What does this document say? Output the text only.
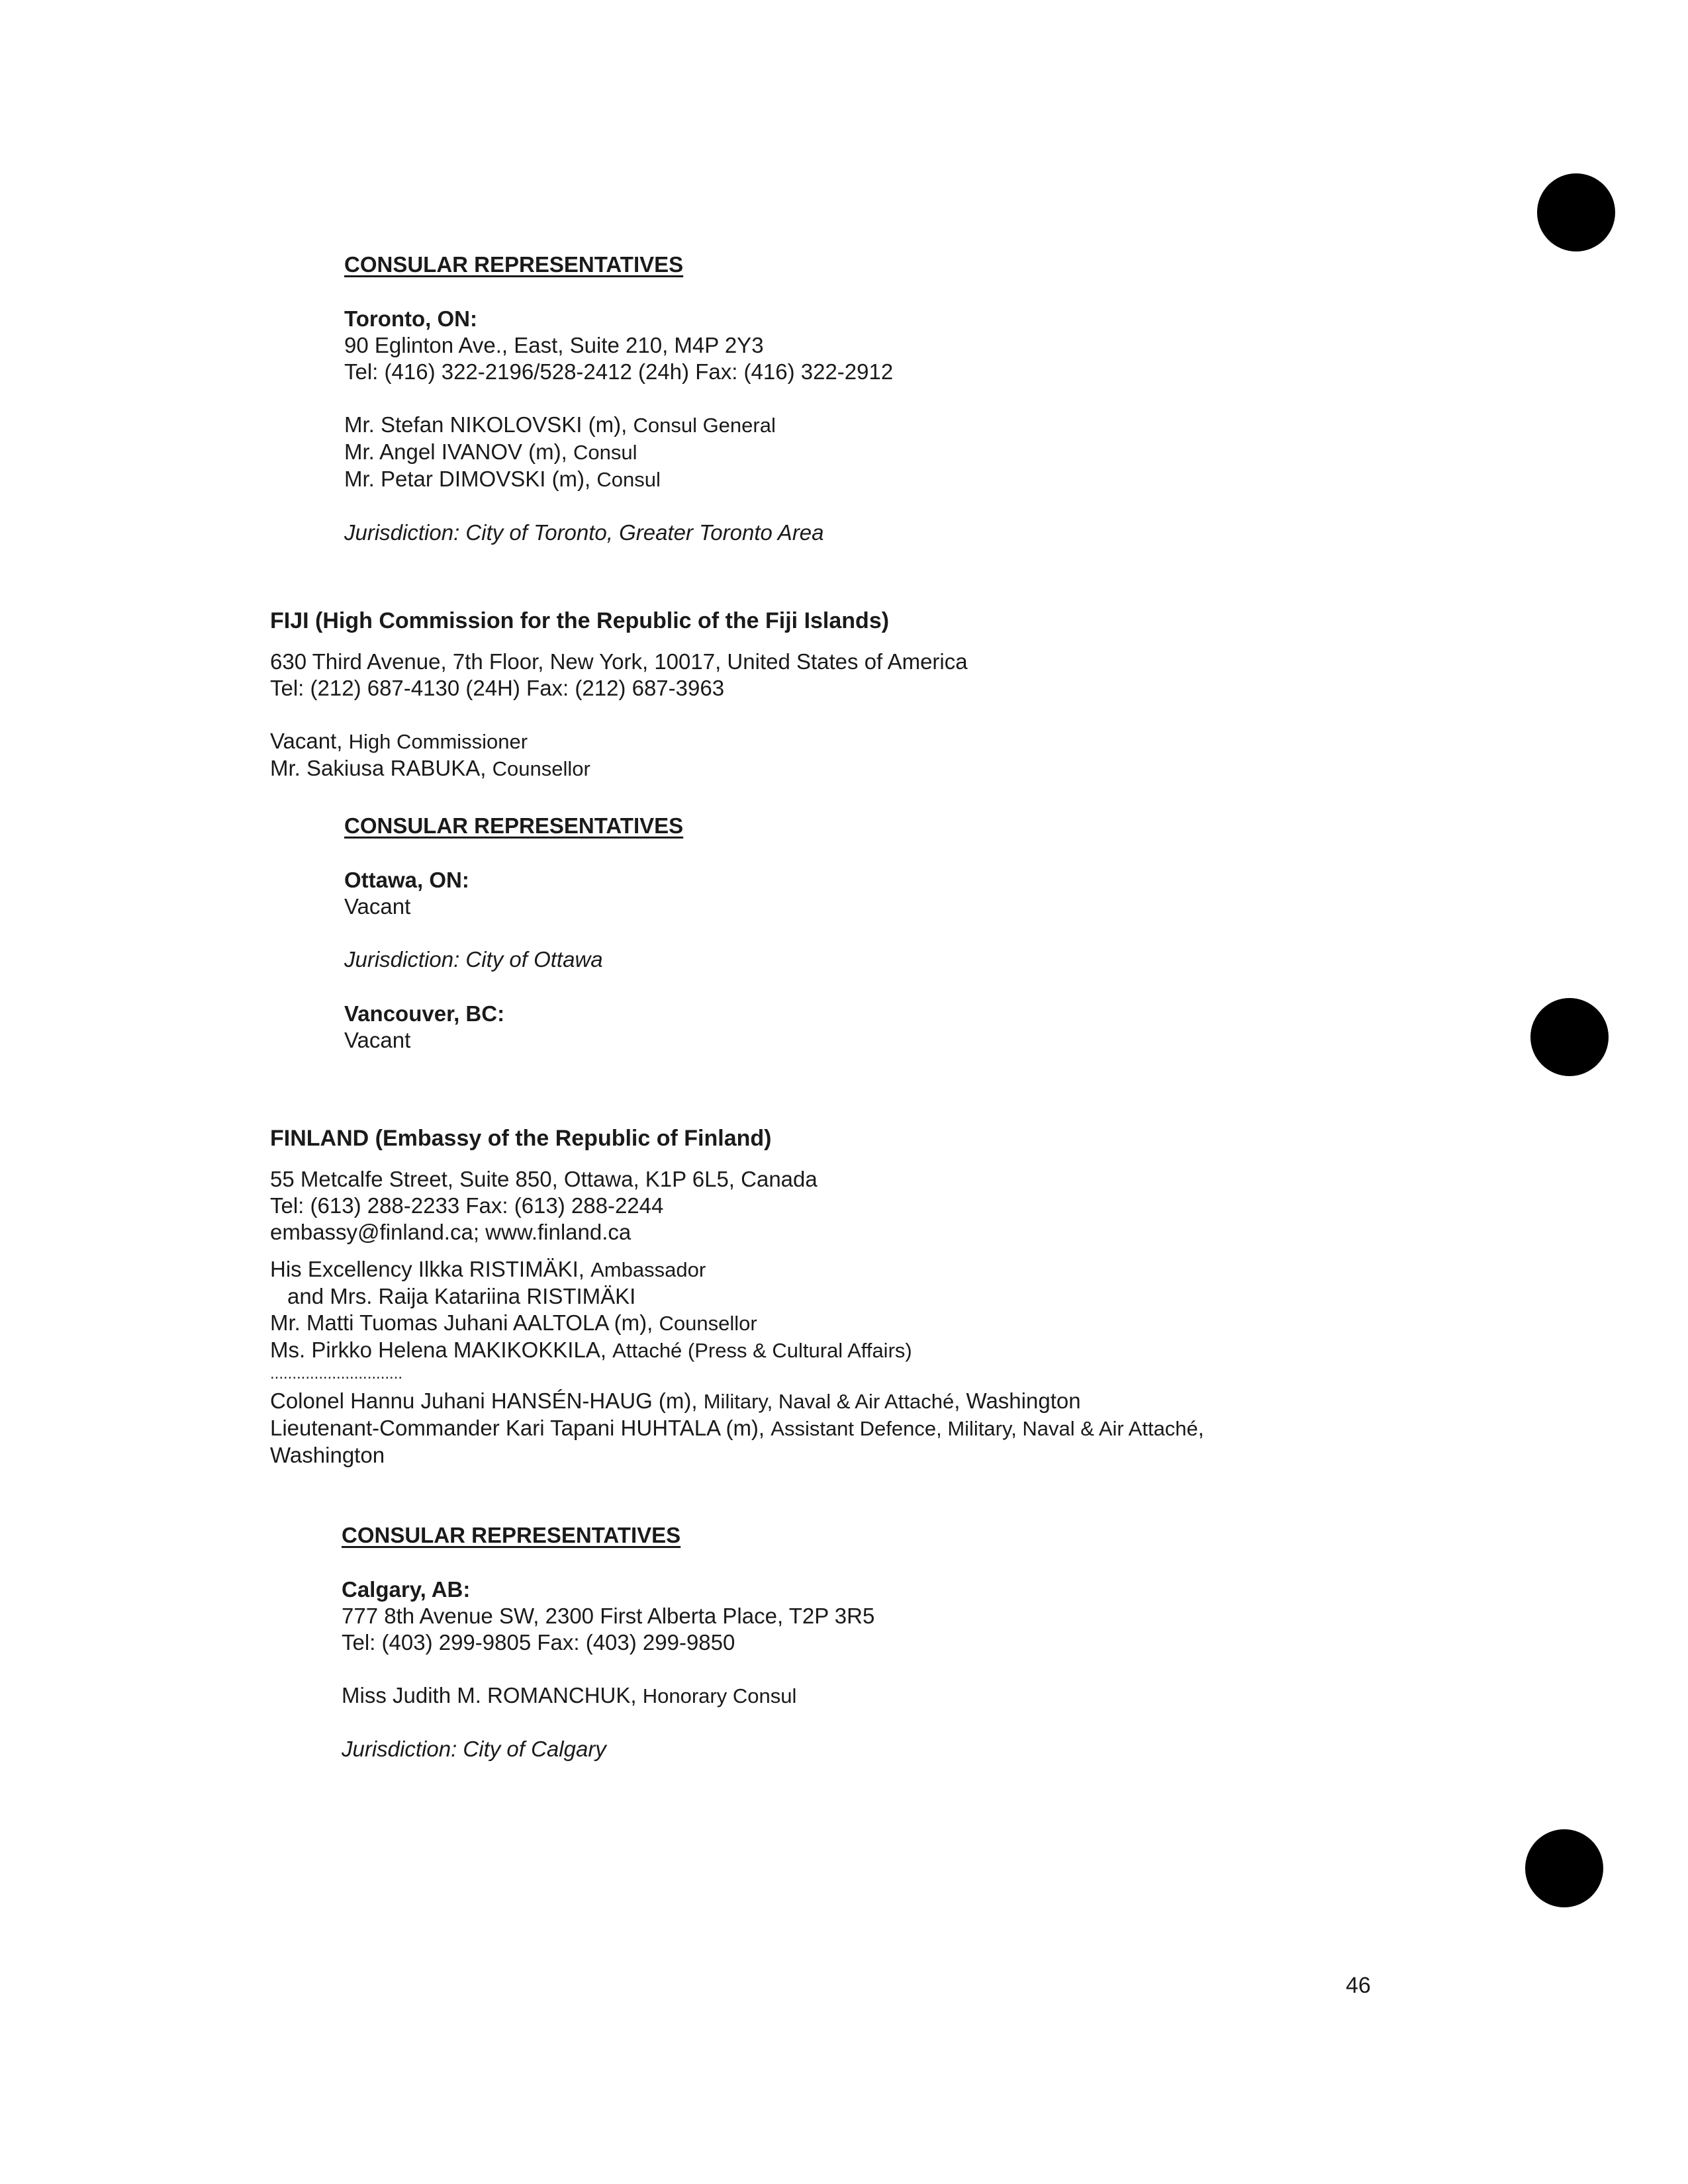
CONSULAR REPRESENTATIVES
Toronto, ON:
90 Eglinton Ave., East, Suite 210, M4P 2Y3
Tel: (416) 322-2196/528-2412 (24h) Fax: (416) 322-2912
Mr. Stefan NIKOLOVSKI (m), Consul General
Mr. Angel IVANOV (m), Consul
Mr. Petar DIMOVSKI (m), Consul
Jurisdiction: City of Toronto, Greater Toronto Area
FIJI (High Commission for the Republic of the Fiji Islands)
630 Third Avenue, 7th Floor, New York, 10017, United States of America
Tel: (212) 687-4130 (24H) Fax: (212) 687-3963
Vacant, High Commissioner
Mr. Sakiusa RABUKA, Counsellor
CONSULAR REPRESENTATIVES
Ottawa, ON:
Vacant
Jurisdiction: City of Ottawa
Vancouver, BC:
Vacant
FINLAND (Embassy of the Republic of Finland)
55 Metcalfe Street, Suite 850, Ottawa, K1P 6L5, Canada
Tel: (613) 288-2233 Fax: (613) 288-2244
embassy@finland.ca; www.finland.ca
His Excellency Ilkka RISTIMÄKI, Ambassador
and Mrs. Raija Katariina RISTIMÄKI
Mr. Matti Tuomas Juhani AALTOLA (m), Counsellor
Ms. Pirkko Helena MAKIKOKKILA, Attaché (Press & Cultural Affairs)
..............................
Colonel Hannu Juhani HANSÉN-HAUG (m), Military, Naval & Air Attaché, Washington
Lieutenant-Commander Kari Tapani HUHTALA (m), Assistant Defence, Military, Naval & Air Attaché,
Washington
CONSULAR REPRESENTATIVES
Calgary, AB:
777 8th Avenue SW, 2300 First Alberta Place, T2P 3R5
Tel: (403) 299-9805 Fax: (403) 299-9850
Miss Judith M. ROMANCHUK, Honorary Consul
Jurisdiction: City of Calgary
46
